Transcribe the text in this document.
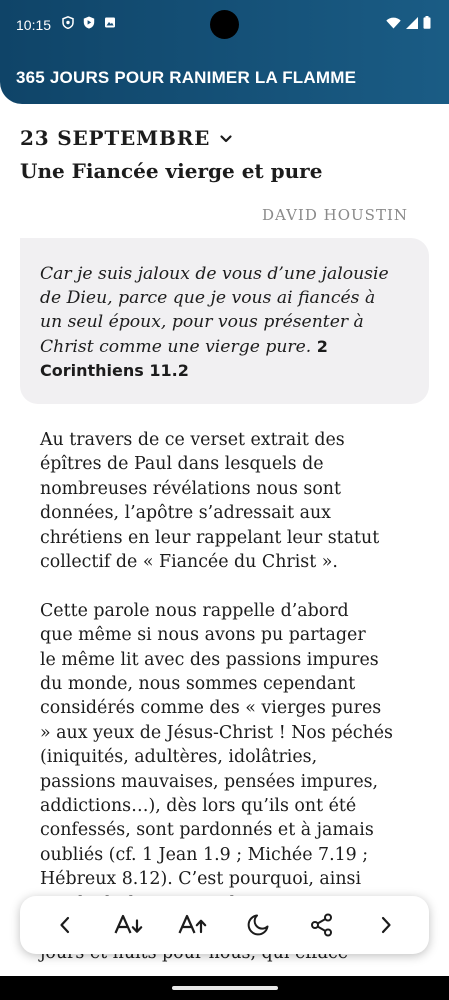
10:15
365 JOURS POUR RANIMER LA FLAMME
23 SEPTEMBRE
Une Fiancée vierge et pure
DAVID HOUSTIN
Car je suis jaloux de vous d’une jalousie de Dieu, parce que je vous ai fiancés à un seul époux, pour vous présenter à Christ comme une vierge pure. 2 Corinthiens 11.2

Au travers de ce verset extrait des
épîtres de Paul dans lesquels de
nombreuses révélations nous sont
données, l’apôtre s’adressait aux
chrétiens en leur rappelant leur statut
collectif de « Fiancée du Christ ».

Cette parole nous rappelle d’abord
que même si nous avons pu partager
le même lit avec des passions impures
du monde, nous sommes cependant
considérés comme des « vierges pures
» aux yeux de Jésus-Christ ! Nos péchés
(iniquités, adultères, idolâtries,
passions mauvaises, pensées impures,
addictions…), dès lors qu’ils ont été
confessés, sont pardonnés et à jamais
oubliés (cf. 1 Jean 1.9 ; Michée 7.19 ;
Hébreux 8.12). C’est pourquoi, ainsi
